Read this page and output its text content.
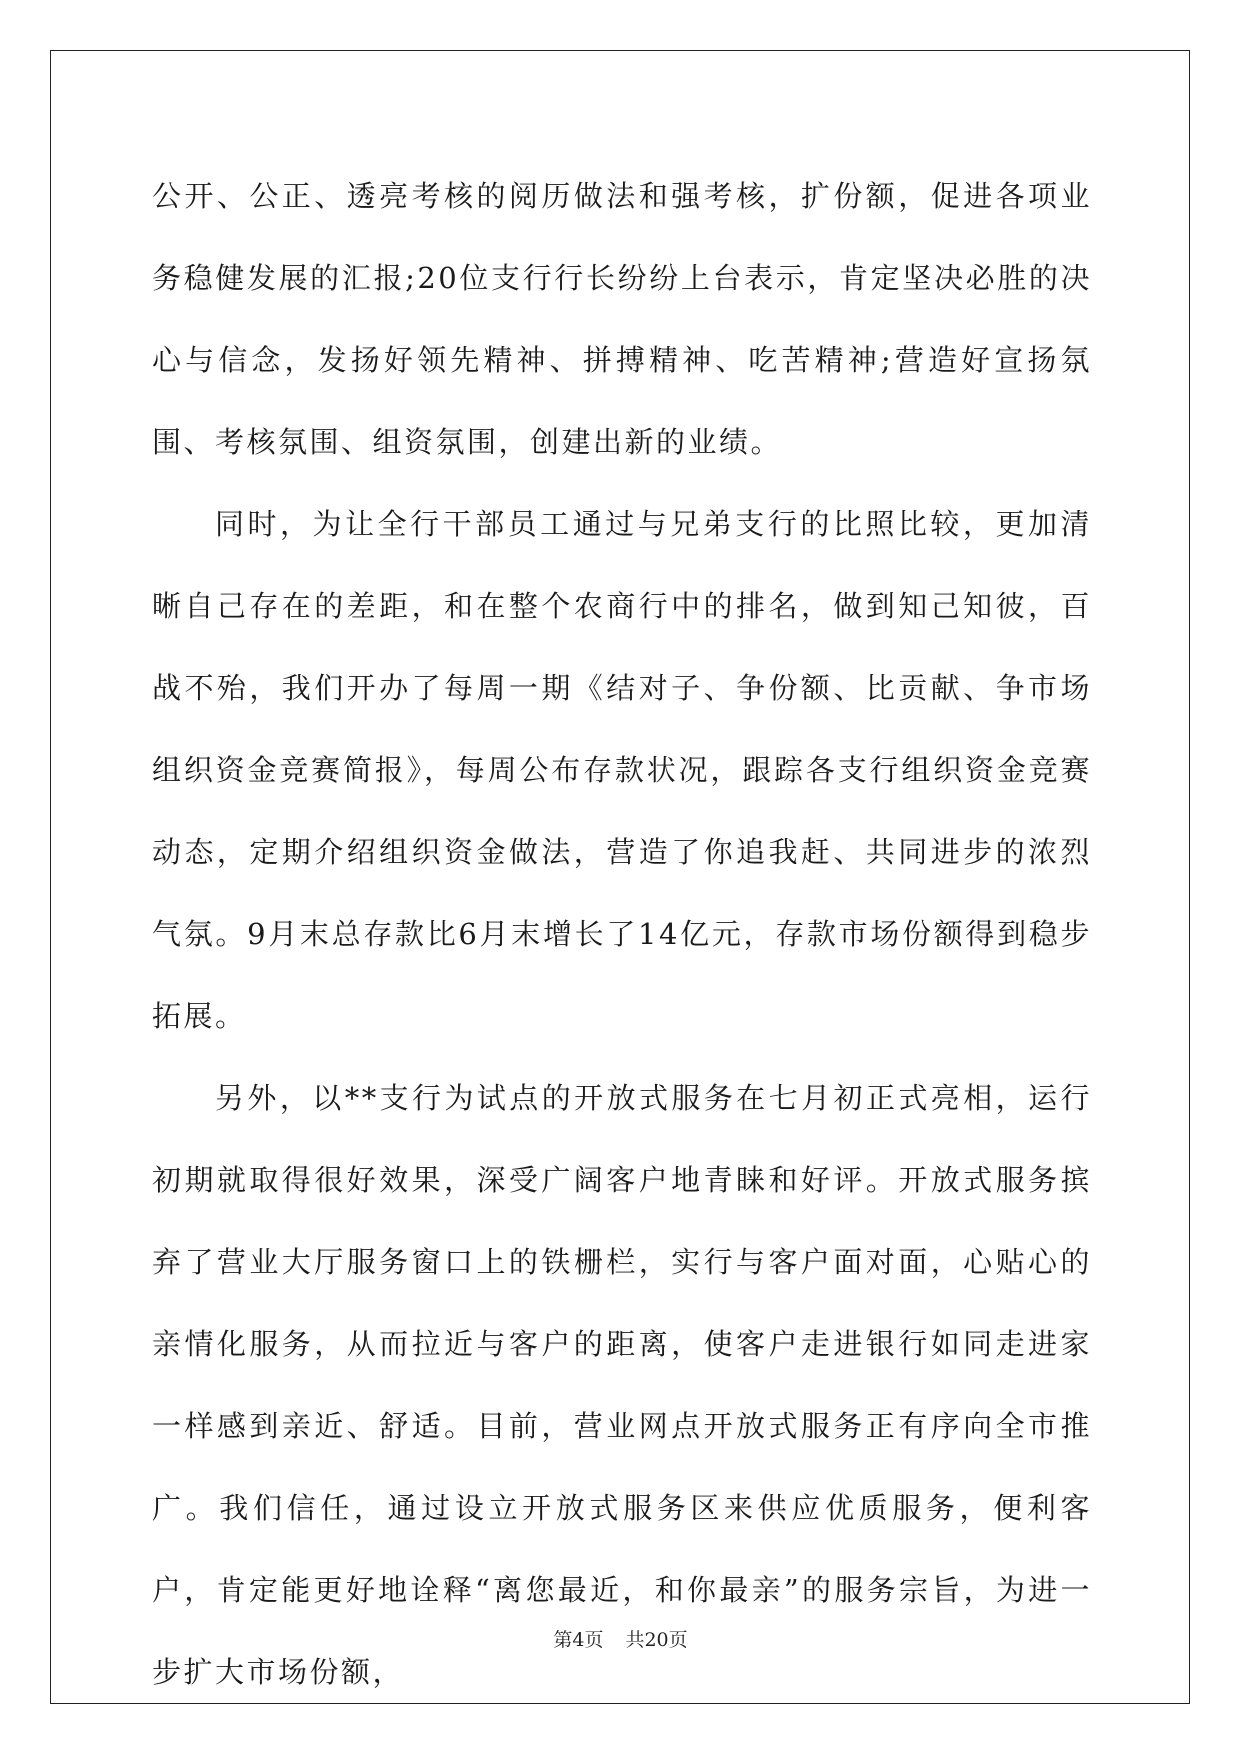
公开、公正、透亮考核的阅历做法和强考核，扩份额，促进各项业务稳健发展的汇报;20位支行行长纷纷上台表示，肯定坚决必胜的决心与信念，发扬好领先精神、拼搏精神、吃苦精神;营造好宣扬氛围、考核氛围、组资氛围，创建出新的业绩。

同时，为让全行干部员工通过与兄弟支行的比照比较，更加清晰自己存在的差距，和在整个农商行中的排名，做到知己知彼，百战不殆，我们开办了每周一期《结对子、争份额、比贡献、争市场组织资金竞赛简报》，每周公布存款状况，跟踪各支行组织资金竞赛动态，定期介绍组织资金做法，营造了你追我赶、共同进步的浓烈气氛。9月末总存款比6月末增长了14亿元，存款市场份额得到稳步拓展。

另外，以**支行为试点的开放式服务在七月初正式亮相，运行初期就取得很好效果，深受广阔客户地青睐和好评。开放式服务摈弃了营业大厅服务窗口上的铁栅栏，实行与客户面对面，心贴心的亲情化服务，从而拉近与客户的距离，使客户走进银行如同走进家一样感到亲近、舒适。目前，营业网点开放式服务正有序向全市推广。我们信任，通过设立开放式服务区来供应优质服务，便利客户，肯定能更好地诠释“离您最近，和你最亲”的服务宗旨，为进一步扩大市场份额，

第4页 共20页
